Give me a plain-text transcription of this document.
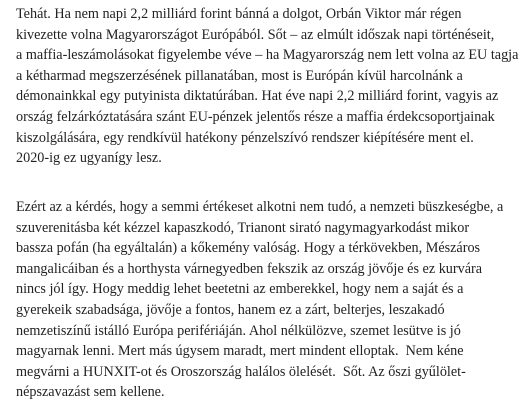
Tehát. Ha nem napi 2,2 milliárd forint bánná a dolgot, Orbán Viktor már régen
kivezette volna Magyarországot Európából. Sőt – az elmúlt időszak napi történéseit,
a maffia-leszámolásokat figyelembe véve – ha Magyarország nem lett volna az EU tagja
a kétharmad megszerzésének pillanatában, most is Európán kívül harcolnánk a
démonainkkal egy putyinista diktatúrában. Hat éve napi 2,2 milliárd forint, vagyis az
ország felzárkóztatására szánt EU-pénzek jelentős része a maffia érdekcsoportjainak
kiszolgálására, egy rendkívül hatékony pénzelszívó rendszer kiépítésére ment el.
2020-ig ez ugyanígy lesz.
Ezért az a kérdés, hogy a semmi értékeset alkotni nem tudó, a nemzeti büszkeségbe, a
szuverenitásba két kézzel kapaszkodó, Trianont sirató nagymagyarkodást mikor
bassza pofán (ha egyáltalán) a kőkemény valóság. Hogy a térkövekben, Mészáros
mangalicáiban és a horthysta várnegyedben fekszik az ország jövője és ez kurvára
nincs jól így. Hogy meddig lehet beetetni az emberekkel, hogy nem a saját és a
gyerekeik szabadsága, jövője a fontos, hanem ez a zárt, belterjes, leszakadó
nemzetiszínű istálló Európa perifériáján. Ahol nélkülözve, szemet lesütve is jó
magyarnak lenni. Mert más úgysem maradt, mert mindent elloptak.  Nem kéne
megvárni a HUNXIT-ot és Oroszország halálos ölelését.  Sőt. Az őszi gyűlölet-
népszavazást sem kellene.
